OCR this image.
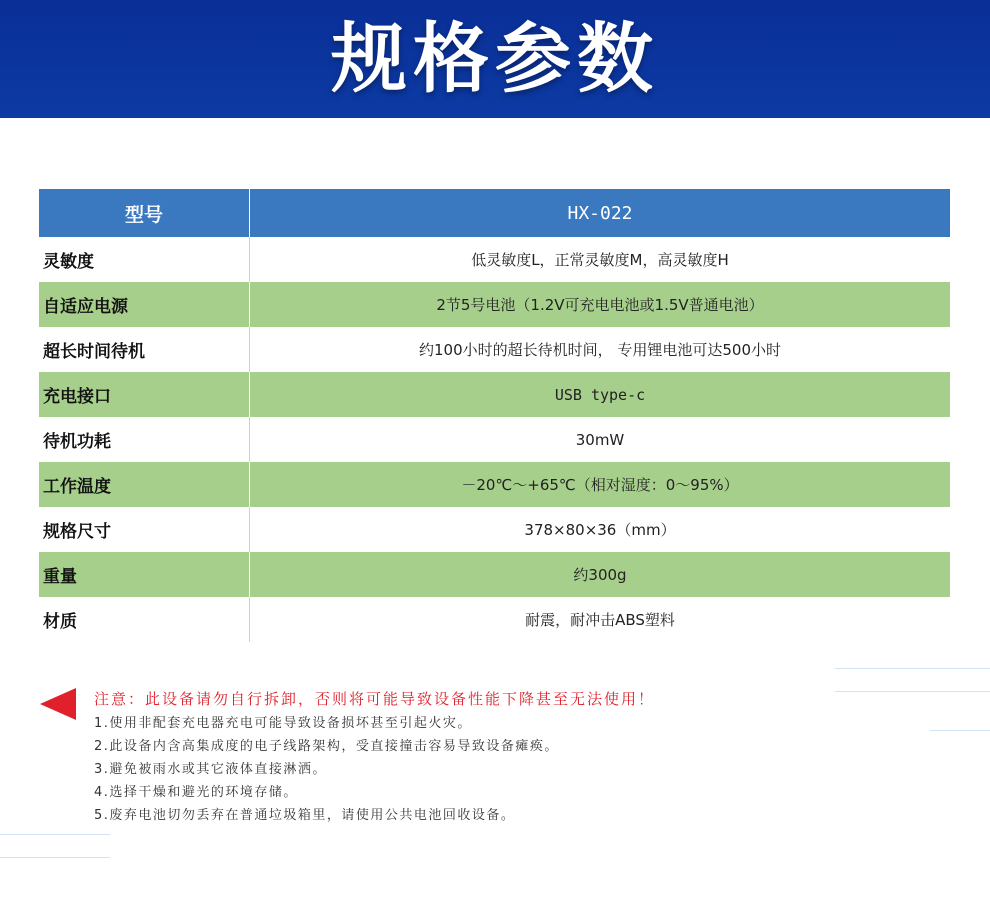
规格参数
型号	HX-022
灵敏度	低灵敏度L，正常灵敏度M，高灵敏度H
自适应电源	2节5号电池（1.2V可充电电池或1.5V普通电池）
超长时间待机	约100小时的超长待机时间， 专用锂电池可达500小时
充电接口	USB type-c
待机功耗	30mW
工作温度	－20℃～+65℃（相对湿度：0～95%）
规格尺寸	378×80×36（mm）
重量	约300g
材质	耐震，耐冲击ABS塑料
注意：此设备请勿自行拆卸，否则将可能导致设备性能下降甚至无法使用！
1.使用非配套充电器充电可能导致设备损坏甚至引起火灾。
2.此设备内含高集成度的电子线路架构，受直接撞击容易导致设备瘫痪。
3.避免被雨水或其它液体直接淋洒。
4.选择干燥和避光的环境存储。
5.废弃电池切勿丢弃在普通垃圾箱里，请使用公共电池回收设备。
